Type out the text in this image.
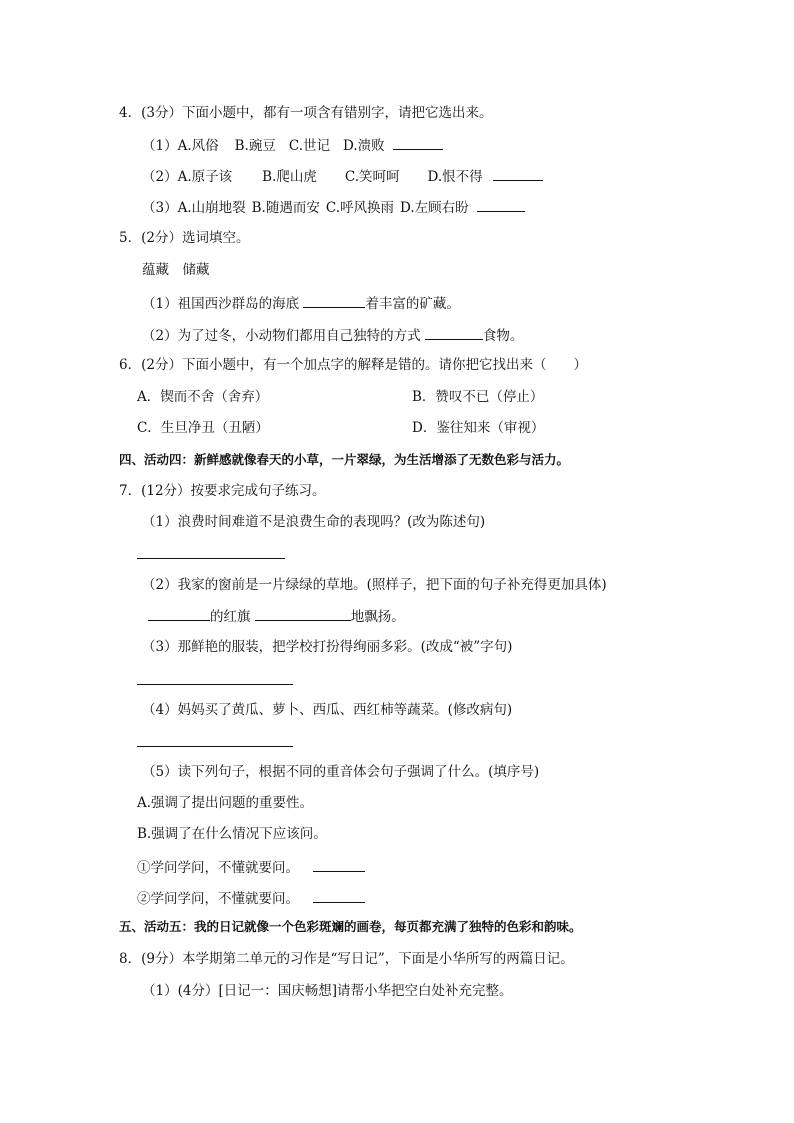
4．(3分）下面小题中，都有一项含有错别字，请把它选出来。
（1）A.风俗 B.豌豆 C.世记 D.溃败
（2）A.原子该 B.爬山虎 C.笑呵呵 D.恨不得
（3）A.山崩地裂 B.随遇而安 C.呼风换雨 D.左顾右盼
5．(2分）选词填空。
蕴藏　储藏
（1）祖国西沙群岛的海底	着丰富的矿藏。
（2）为了过冬，小动物们都用自己独特的方式	食物。
6．(2分）下面小题中，有一个加点字的解释是错的。请你把它找出来（　　）
A．锲而不舍（舍弃）	B．赞叹不已（停止）
C．生旦净丑（丑陋）	D．鉴往知来（审视）
四、活动四：新鲜感就像春天的小草，一片翠绿，为生活增添了无数色彩与活力。
7．(12分）按要求完成句子练习。
（1）浪费时间难道不是浪费生命的表现吗？(改为陈述句)
（2）我家的窗前是一片绿绿的草地。(照样子，把下面的句子补充得更加具体)
的红旗	地飘扬。
（3）那鲜艳的服装，把学校打扮得绚丽多彩。(改成“被”字句)
（4）妈妈买了黄瓜、萝卜、西瓜、西红柿等蔬菜。(修改病句)
（5）读下列句子，根据不同的重音体会句子强调了什么。(填序号)
A.强调了提出问题的重要性。
B.强调了在什么情况下应该问。
①学问学问，不懂就要问。
②学问学问，不懂就要问。
五、活动五：我的日记就像一个色彩斑斓的画卷，每页都充满了独特的色彩和韵味。
8．(9分）本学期第二单元的习作是“写日记”，下面是小华所写的两篇日记。
（1）(4分）[日记一：国庆畅想]请帮小华把空白处补充完整。
